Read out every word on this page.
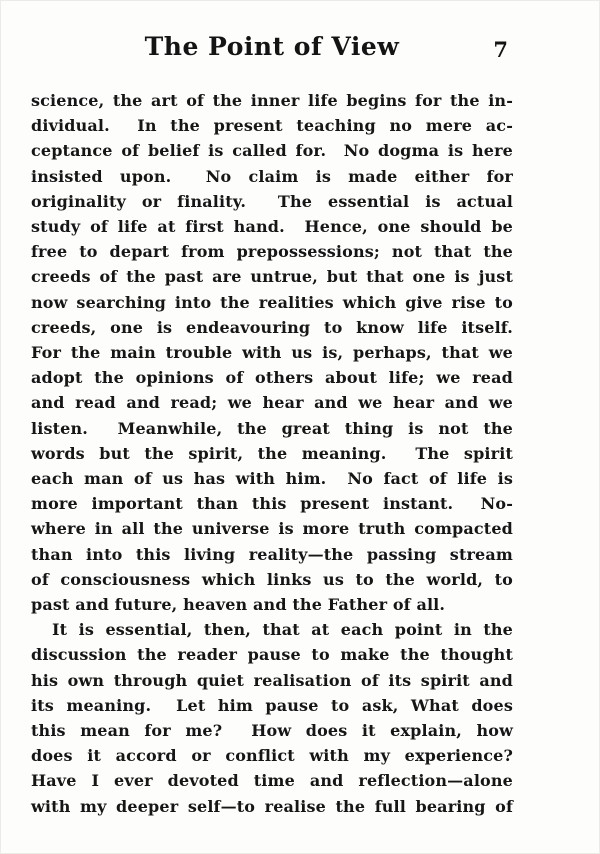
The Point of View	7
science, the art of the inner life begins for the in-
dividual.  In the present teaching no mere ac-
ceptance of belief is called for.  No dogma is here
insisted upon.  No claim is made either for
originality or finality.  The essential is actual
study of life at first hand.  Hence, one should be
free to depart from prepossessions; not that the
creeds of the past are untrue, but that one is just
now searching into the realities which give rise to
creeds, one is endeavouring to know life itself.
For the main trouble with us is, perhaps, that we
adopt the opinions of others about life; we read
and read and read; we hear and we hear and we
listen.  Meanwhile, the great thing is not the
words but the spirit, the meaning.  The spirit
each man of us has with him.  No fact of life is
more important than this present instant.  No-
where in all the universe is more truth compacted
than into this living reality—the passing stream
of consciousness which links us to the world, to
past and future, heaven and the Father of all.
It is essential, then, that at each point in the
discussion the reader pause to make the thought
his own through quiet realisation of its spirit and
its meaning.  Let him pause to ask, What does
this mean for me?  How does it explain, how
does it accord or conflict with my experience?
Have I ever devoted time and reflection—alone
with my deeper self—to realise the full bearing of
